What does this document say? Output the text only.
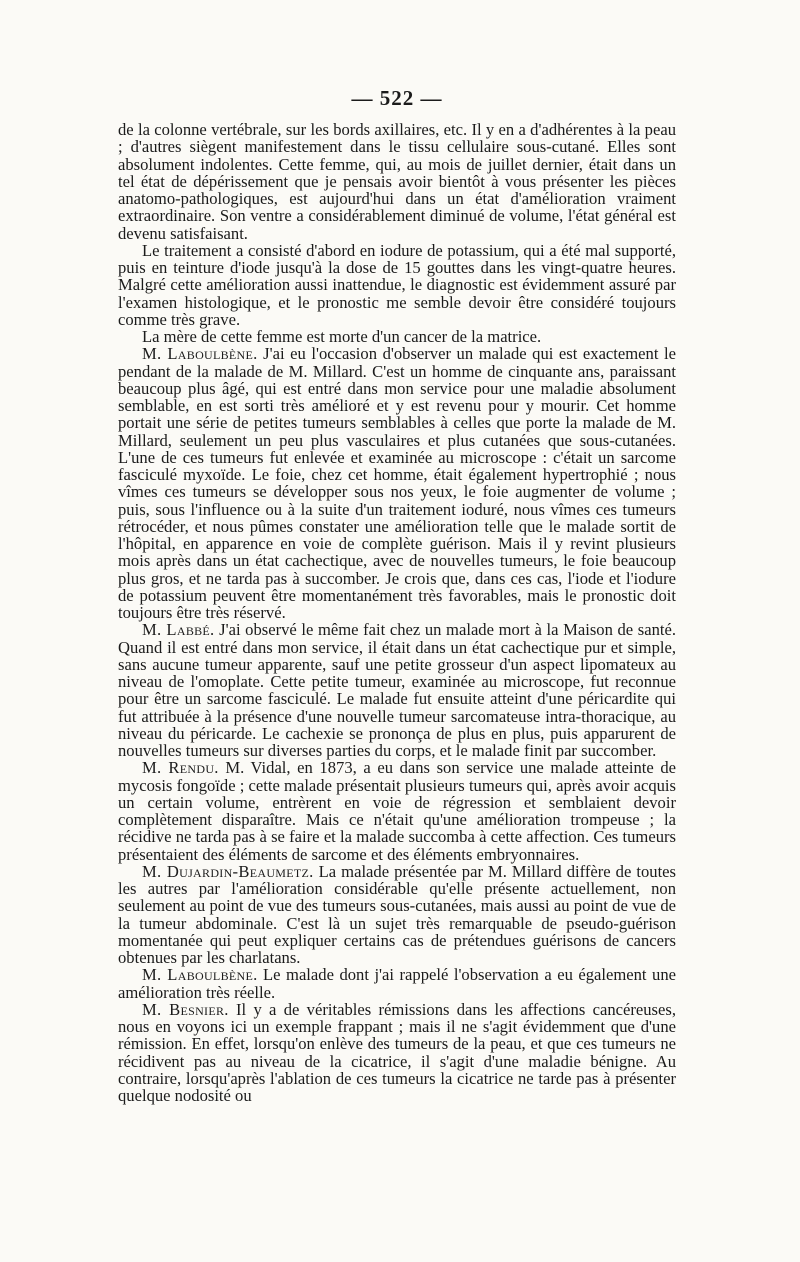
— 522 —

de la colonne vertébrale, sur les bords axillaires, etc. Il y en a d'adhérentes à la peau ; d'autres siègent manifestement dans le tissu cellulaire sous-cutané. Elles sont absolument indolentes. Cette femme, qui, au mois de juillet dernier, était dans un tel état de dépérissement que je pensais avoir bientôt à vous présenter les pièces anatomo-pathologiques, est aujourd'hui dans un état d'amélioration vraiment extraordinaire. Son ventre a considérablement diminué de volume, l'état général est devenu satisfaisant.

Le traitement a consisté d'abord en iodure de potassium, qui a été mal supporté, puis en teinture d'iode jusqu'à la dose de 15 gouttes dans les vingt-quatre heures. Malgré cette amélioration aussi inattendue, le diagnostic est évidemment assuré par l'examen histologique, et le pronostic me semble devoir être considéré toujours comme très grave.

La mère de cette femme est morte d'un cancer de la matrice.

M. Laboulbène. J'ai eu l'occasion d'observer un malade qui est exactement le pendant de la malade de M. Millard. C'est un homme de cinquante ans, paraissant beaucoup plus âgé, qui est entré dans mon service pour une maladie absolument semblable, en est sorti très amélioré et y est revenu pour y mourir. Cet homme portait une série de petites tumeurs semblables à celles que porte la malade de M. Millard, seulement un peu plus vasculaires et plus cutanées que sous-cutanées. L'une de ces tumeurs fut enlevée et examinée au microscope : c'était un sarcome fasciculé myxoïde. Le foie, chez cet homme, était également hypertrophié ; nous vîmes ces tumeurs se développer sous nos yeux, le foie augmenter de volume ; puis, sous l'influence ou à la suite d'un traitement ioduré, nous vîmes ces tumeurs rétrocéder, et nous pûmes constater une amélioration telle que le malade sortit de l'hôpital, en apparence en voie de complète guérison. Mais il y revint plusieurs mois après dans un état cachectique, avec de nouvelles tumeurs, le foie beaucoup plus gros, et ne tarda pas à succomber. Je crois que, dans ces cas, l'iode et l'iodure de potassium peuvent être momentanément très favorables, mais le pronostic doit toujours être très réservé.

M. Labbé. J'ai observé le même fait chez un malade mort à la Maison de santé. Quand il est entré dans mon service, il était dans un état cachectique pur et simple, sans aucune tumeur apparente, sauf une petite grosseur d'un aspect lipomateux au niveau de l'omoplate. Cette petite tumeur, examinée au microscope, fut reconnue pour être un sarcome fasciculé. Le malade fut ensuite atteint d'une péricardite qui fut attribuée à la présence d'une nouvelle tumeur sarcomateuse intra-thoracique, au niveau du péricarde. Le cachexie se prononça de plus en plus, puis apparurent de nouvelles tumeurs sur diverses parties du corps, et le malade finit par succomber.

M. Rendu. M. Vidal, en 1873, a eu dans son service une malade atteinte de mycosis fongoïde ; cette malade présentait plusieurs tumeurs qui, après avoir acquis un certain volume, entrèrent en voie de régression et semblaient devoir complètement disparaître. Mais ce n'était qu'une amélioration trompeuse ; la récidive ne tarda pas à se faire et la malade succomba à cette affection. Ces tumeurs présentaient des éléments de sarcome et des éléments embryonnaires.

M. Dujardin-Beaumetz. La malade présentée par M. Millard diffère de toutes les autres par l'amélioration considérable qu'elle présente actuellement, non seulement au point de vue des tumeurs sous-cutanées, mais aussi au point de vue de la tumeur abdominale. C'est là un sujet très remarquable de pseudo-guérison momentanée qui peut expliquer certains cas de prétendues guérisons de cancers obtenues par les charlatans.

M. Laboulbène. Le malade dont j'ai rappelé l'observation a eu également une amélioration très réelle.

M. Besnier. Il y a de véritables rémissions dans les affections cancéreuses, nous en voyons ici un exemple frappant ; mais il ne s'agit évidemment que d'une rémission. En effet, lorsqu'on enlève des tumeurs de la peau, et que ces tumeurs ne récidivent pas au niveau de la cicatrice, il s'agit d'une maladie bénigne. Au contraire, lorsqu'après l'ablation de ces tumeurs la cicatrice ne tarde pas à présenter quelque nodosité ou
